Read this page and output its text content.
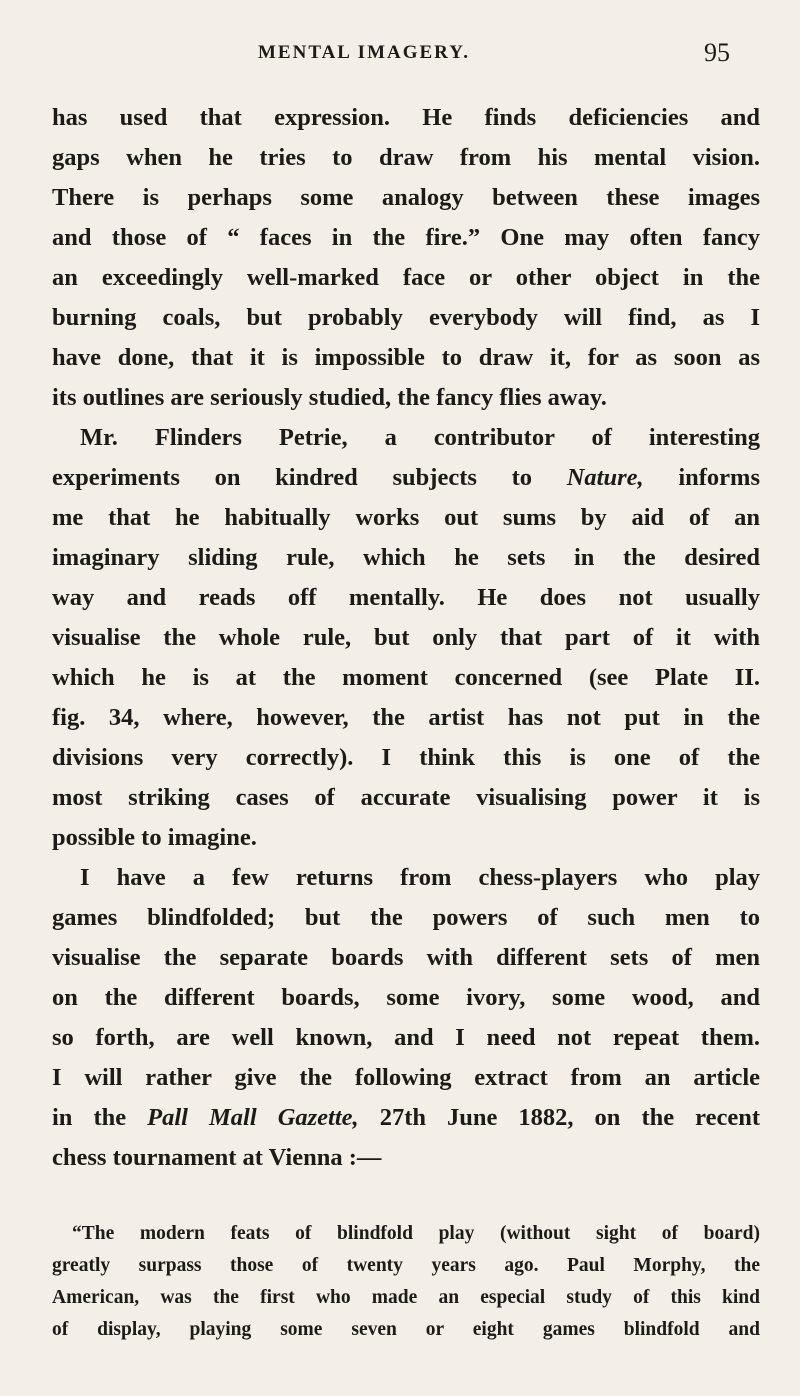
MENTAL IMAGERY.	95
has used that expression. He finds deficiencies and
gaps when he tries to draw from his mental vision.
There is perhaps some analogy between these images
and those of “ faces in the fire.” One may often fancy
an exceedingly well-marked face or other object in the
burning coals, but probably everybody will find, as I
have done, that it is impossible to draw it, for as soon as
its outlines are seriously studied, the fancy flies away.
Mr. Flinders Petrie, a contributor of interesting
experiments on kindred subjects to Nature, informs
me that he habitually works out sums by aid of an
imaginary sliding rule, which he sets in the desired
way and reads off mentally. He does not usually
visualise the whole rule, but only that part of it with
which he is at the moment concerned (see Plate II.
fig. 34, where, however, the artist has not put in the
divisions very correctly). I think this is one of the
most striking cases of accurate visualising power it is
possible to imagine.
I have a few returns from chess-players who play
games blindfolded; but the powers of such men to
visualise the separate boards with different sets of men
on the different boards, some ivory, some wood, and
so forth, are well known, and I need not repeat them.
I will rather give the following extract from an article
in the Pall Mall Gazette, 27th June 1882, on the recent
chess tournament at Vienna :—
“The modern feats of blindfold play (without sight of board)
greatly surpass those of twenty years ago. Paul Morphy, the
American, was the first who made an especial study of this kind
of display, playing some seven or eight games blindfold and
